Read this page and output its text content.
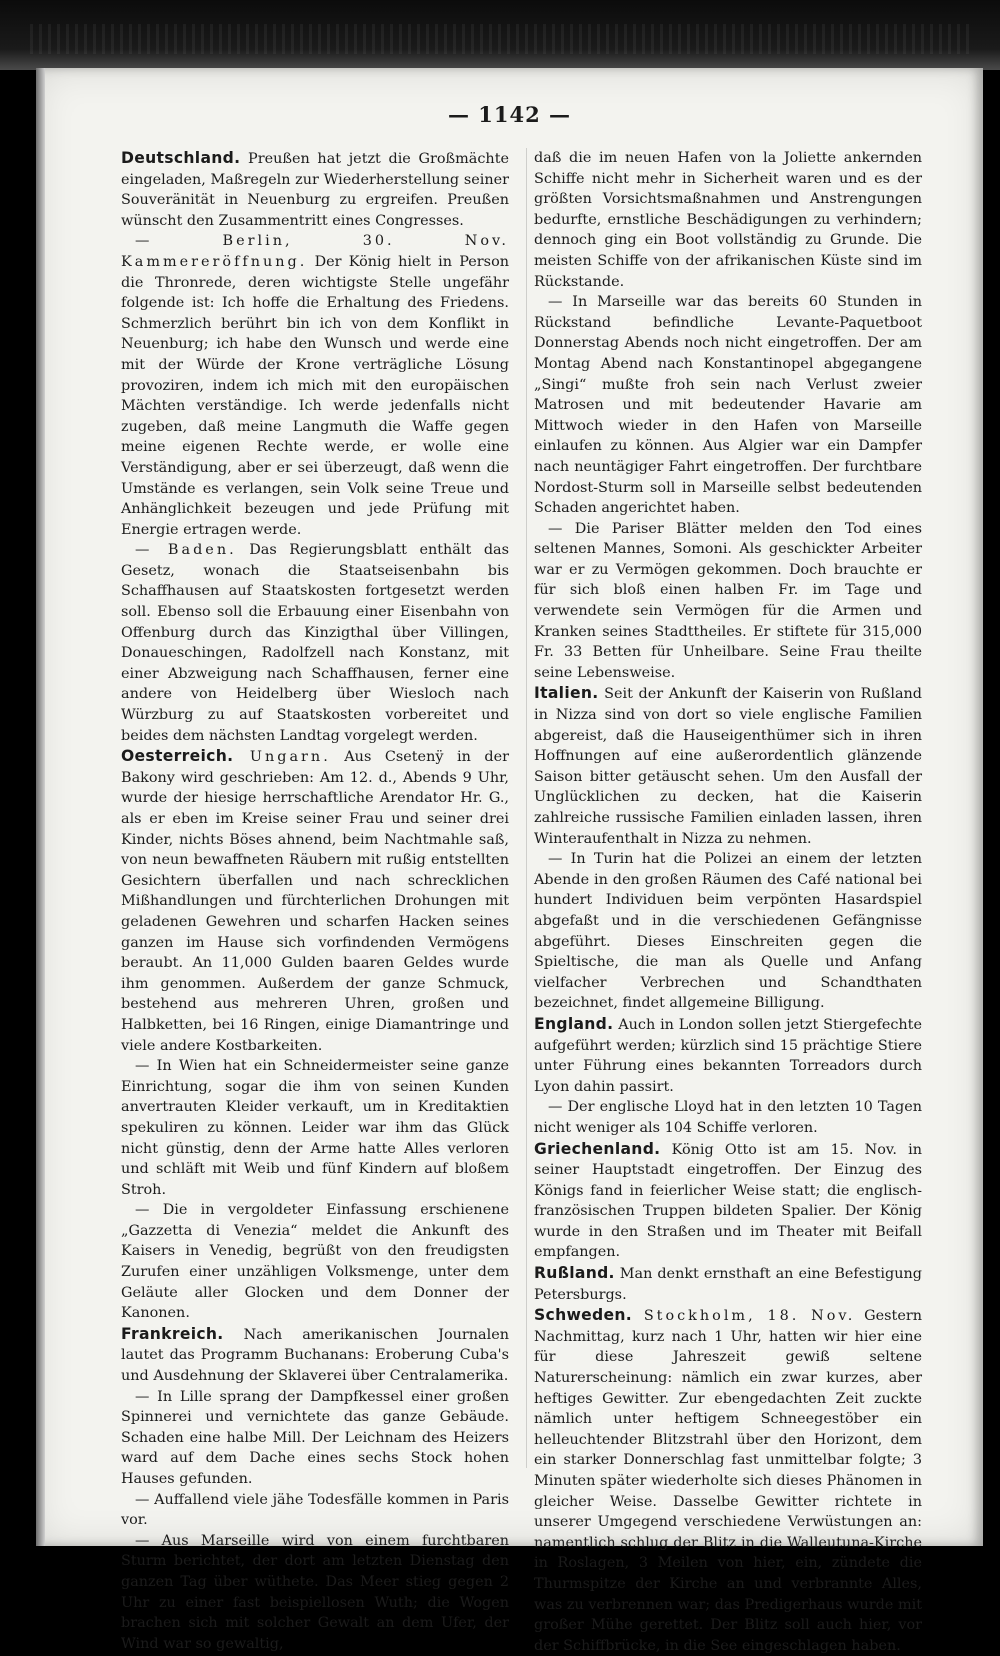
— 1142 —

Deutschland. Preußen hat jetzt die Großmächte eingeladen, Maßregeln zur Wiederherstellung seiner Souveränität in Neuenburg zu ergreifen. Preußen wünscht den Zusammentritt eines Congresses.

— Berlin, 30. Nov. Kammereröffnung. Der König hielt in Person die Thronrede, deren wichtigste Stelle ungefähr folgende ist: Ich hoffe die Erhaltung des Friedens. Schmerzlich berührt bin ich von dem Konflikt in Neuenburg; ich habe den Wunsch und werde eine mit der Würde der Krone verträgliche Lösung provoziren, indem ich mich mit den europäischen Mächten verständige. Ich werde jedenfalls nicht zugeben, daß meine Langmuth die Waffe gegen meine eigenen Rechte werde, er wolle eine Verständigung, aber er sei überzeugt, daß wenn die Umstände es verlangen, sein Volk seine Treue und Anhänglichkeit bezeugen und jede Prüfung mit Energie ertragen werde.

— Baden. Das Regierungsblatt enthält das Gesetz, wonach die Staatseisenbahn bis Schaffhausen auf Staatskosten fortgesetzt werden soll. Ebenso soll die Erbauung einer Eisenbahn von Offenburg durch das Kinzigthal über Villingen, Donaueschingen, Radolfzell nach Konstanz, mit einer Abzweigung nach Schaffhausen, ferner eine andere von Heidelberg über Wiesloch nach Würzburg zu auf Staatskosten vorbereitet und beides dem nächsten Landtag vorgelegt werden.

Oesterreich. Ungarn. Aus Csetenÿ in der Bakony wird geschrieben: Am 12. d., Abends 9 Uhr, wurde der hiesige herrschaftliche Arendator Hr. G., als er eben im Kreise seiner Frau und seiner drei Kinder, nichts Böses ahnend, beim Nachtmahle saß, von neun bewaffneten Räubern mit rußig entstellten Gesichtern überfallen und nach schrecklichen Mißhandlungen und fürchterlichen Drohungen mit geladenen Gewehren und scharfen Hacken seines ganzen im Hause sich vorfindenden Vermögens beraubt. An 11,000 Gulden baaren Geldes wurde ihm genommen. Außerdem der ganze Schmuck, bestehend aus mehreren Uhren, großen und Halbketten, bei 16 Ringen, einige Diamantringe und viele andere Kostbarkeiten.

— In Wien hat ein Schneidermeister seine ganze Einrichtung, sogar die ihm von seinen Kunden anvertrauten Kleider verkauft, um in Kreditaktien spekuliren zu können. Leider war ihm das Glück nicht günstig, denn der Arme hatte Alles verloren und schläft mit Weib und fünf Kindern auf bloßem Stroh.

— Die in vergoldeter Einfassung erschienene „Gazzetta di Venezia“ meldet die Ankunft des Kaisers in Venedig, begrüßt von den freudigsten Zurufen einer unzähligen Volksmenge, unter dem Geläute aller Glocken und dem Donner der Kanonen.

Frankreich. Nach amerikanischen Journalen lautet das Programm Buchanans: Eroberung Cuba's und Ausdehnung der Sklaverei über Centralamerika.

— In Lille sprang der Dampfkessel einer großen Spinnerei und vernichtete das ganze Gebäude. Schaden eine halbe Mill. Der Leichnam des Heizers ward auf dem Dache eines sechs Stock hohen Hauses gefunden.

— Auffallend viele jähe Todesfälle kommen in Paris vor.

— Aus Marseille wird von einem furchtbaren Sturm berichtet, der dort am letzten Dienstag den ganzen Tag über wüthete. Das Meer stieg gegen 2 Uhr zu einer fast beispiellosen Wuth; die Wogen brachen sich mit solcher Gewalt an dem Ufer, der Wind war so gewaltig,

daß die im neuen Hafen von la Joliette ankernden Schiffe nicht mehr in Sicherheit waren und es der größten Vorsichtsmaßnahmen und Anstrengungen bedurfte, ernstliche Beschädigungen zu verhindern; dennoch ging ein Boot vollständig zu Grunde. Die meisten Schiffe von der afrikanischen Küste sind im Rückstande.

— In Marseille war das bereits 60 Stunden in Rückstand befindliche Levante-Paquetboot Donnerstag Abends noch nicht eingetroffen. Der am Montag Abend nach Konstantinopel abgegangene „Singi“ mußte froh sein nach Verlust zweier Matrosen und mit bedeutender Havarie am Mittwoch wieder in den Hafen von Marseille einlaufen zu können. Aus Algier war ein Dampfer nach neuntägiger Fahrt eingetroffen. Der furchtbare Nordost-Sturm soll in Marseille selbst bedeutenden Schaden angerichtet haben.

— Die Pariser Blätter melden den Tod eines seltenen Mannes, Somoni. Als geschickter Arbeiter war er zu Vermögen gekommen. Doch brauchte er für sich bloß einen halben Fr. im Tage und verwendete sein Vermögen für die Armen und Kranken seines Stadttheiles. Er stiftete für 315,000 Fr. 33 Betten für Unheilbare. Seine Frau theilte seine Lebensweise.

Italien. Seit der Ankunft der Kaiserin von Rußland in Nizza sind von dort so viele englische Familien abgereist, daß die Hauseigenthümer sich in ihren Hoffnungen auf eine außerordentlich glänzende Saison bitter getäuscht sehen. Um den Ausfall der Unglücklichen zu decken, hat die Kaiserin zahlreiche russische Familien einladen lassen, ihren Winteraufenthalt in Nizza zu nehmen.

— In Turin hat die Polizei an einem der letzten Abende in den großen Räumen des Café national bei hundert Individuen beim verpönten Hasardspiel abgefaßt und in die verschiedenen Gefängnisse abgeführt. Dieses Einschreiten gegen die Spieltische, die man als Quelle und Anfang vielfacher Verbrechen und Schandthaten bezeichnet, findet allgemeine Billigung.

England. Auch in London sollen jetzt Stiergefechte aufgeführt werden; kürzlich sind 15 prächtige Stiere unter Führung eines bekannten Torreadors durch Lyon dahin passirt.

— Der englische Lloyd hat in den letzten 10 Tagen nicht weniger als 104 Schiffe verloren.

Griechenland. König Otto ist am 15. Nov. in seiner Hauptstadt eingetroffen. Der Einzug des Königs fand in feierlicher Weise statt; die englisch-französischen Truppen bildeten Spalier. Der König wurde in den Straßen und im Theater mit Beifall empfangen.

Rußland. Man denkt ernsthaft an eine Befestigung Petersburgs.

Schweden. Stockholm, 18. Nov. Gestern Nachmittag, kurz nach 1 Uhr, hatten wir hier eine für diese Jahreszeit gewiß seltene Naturerscheinung: nämlich ein zwar kurzes, aber heftiges Gewitter. Zur ebengedachten Zeit zuckte nämlich unter heftigem Schneegestöber ein helleuchtender Blitzstrahl über den Horizont, dem ein starker Donnerschlag fast unmittelbar folgte; 3 Minuten später wiederholte sich dieses Phänomen in gleicher Weise. Dasselbe Gewitter richtete in unserer Umgegend verschiedene Verwüstungen an: namentlich schlug der Blitz in die Walleutuna-Kirche in Roslagen, 3 Meilen von hier, ein, zündete die Thurmspitze der Kirche an und verbrannte Alles, was zu verbrennen war; das Predigerhaus wurde mit großer Mühe gerettet. Der Blitz soll auch hier, vor der Schiffbrücke, in die See eingeschlagen haben.
